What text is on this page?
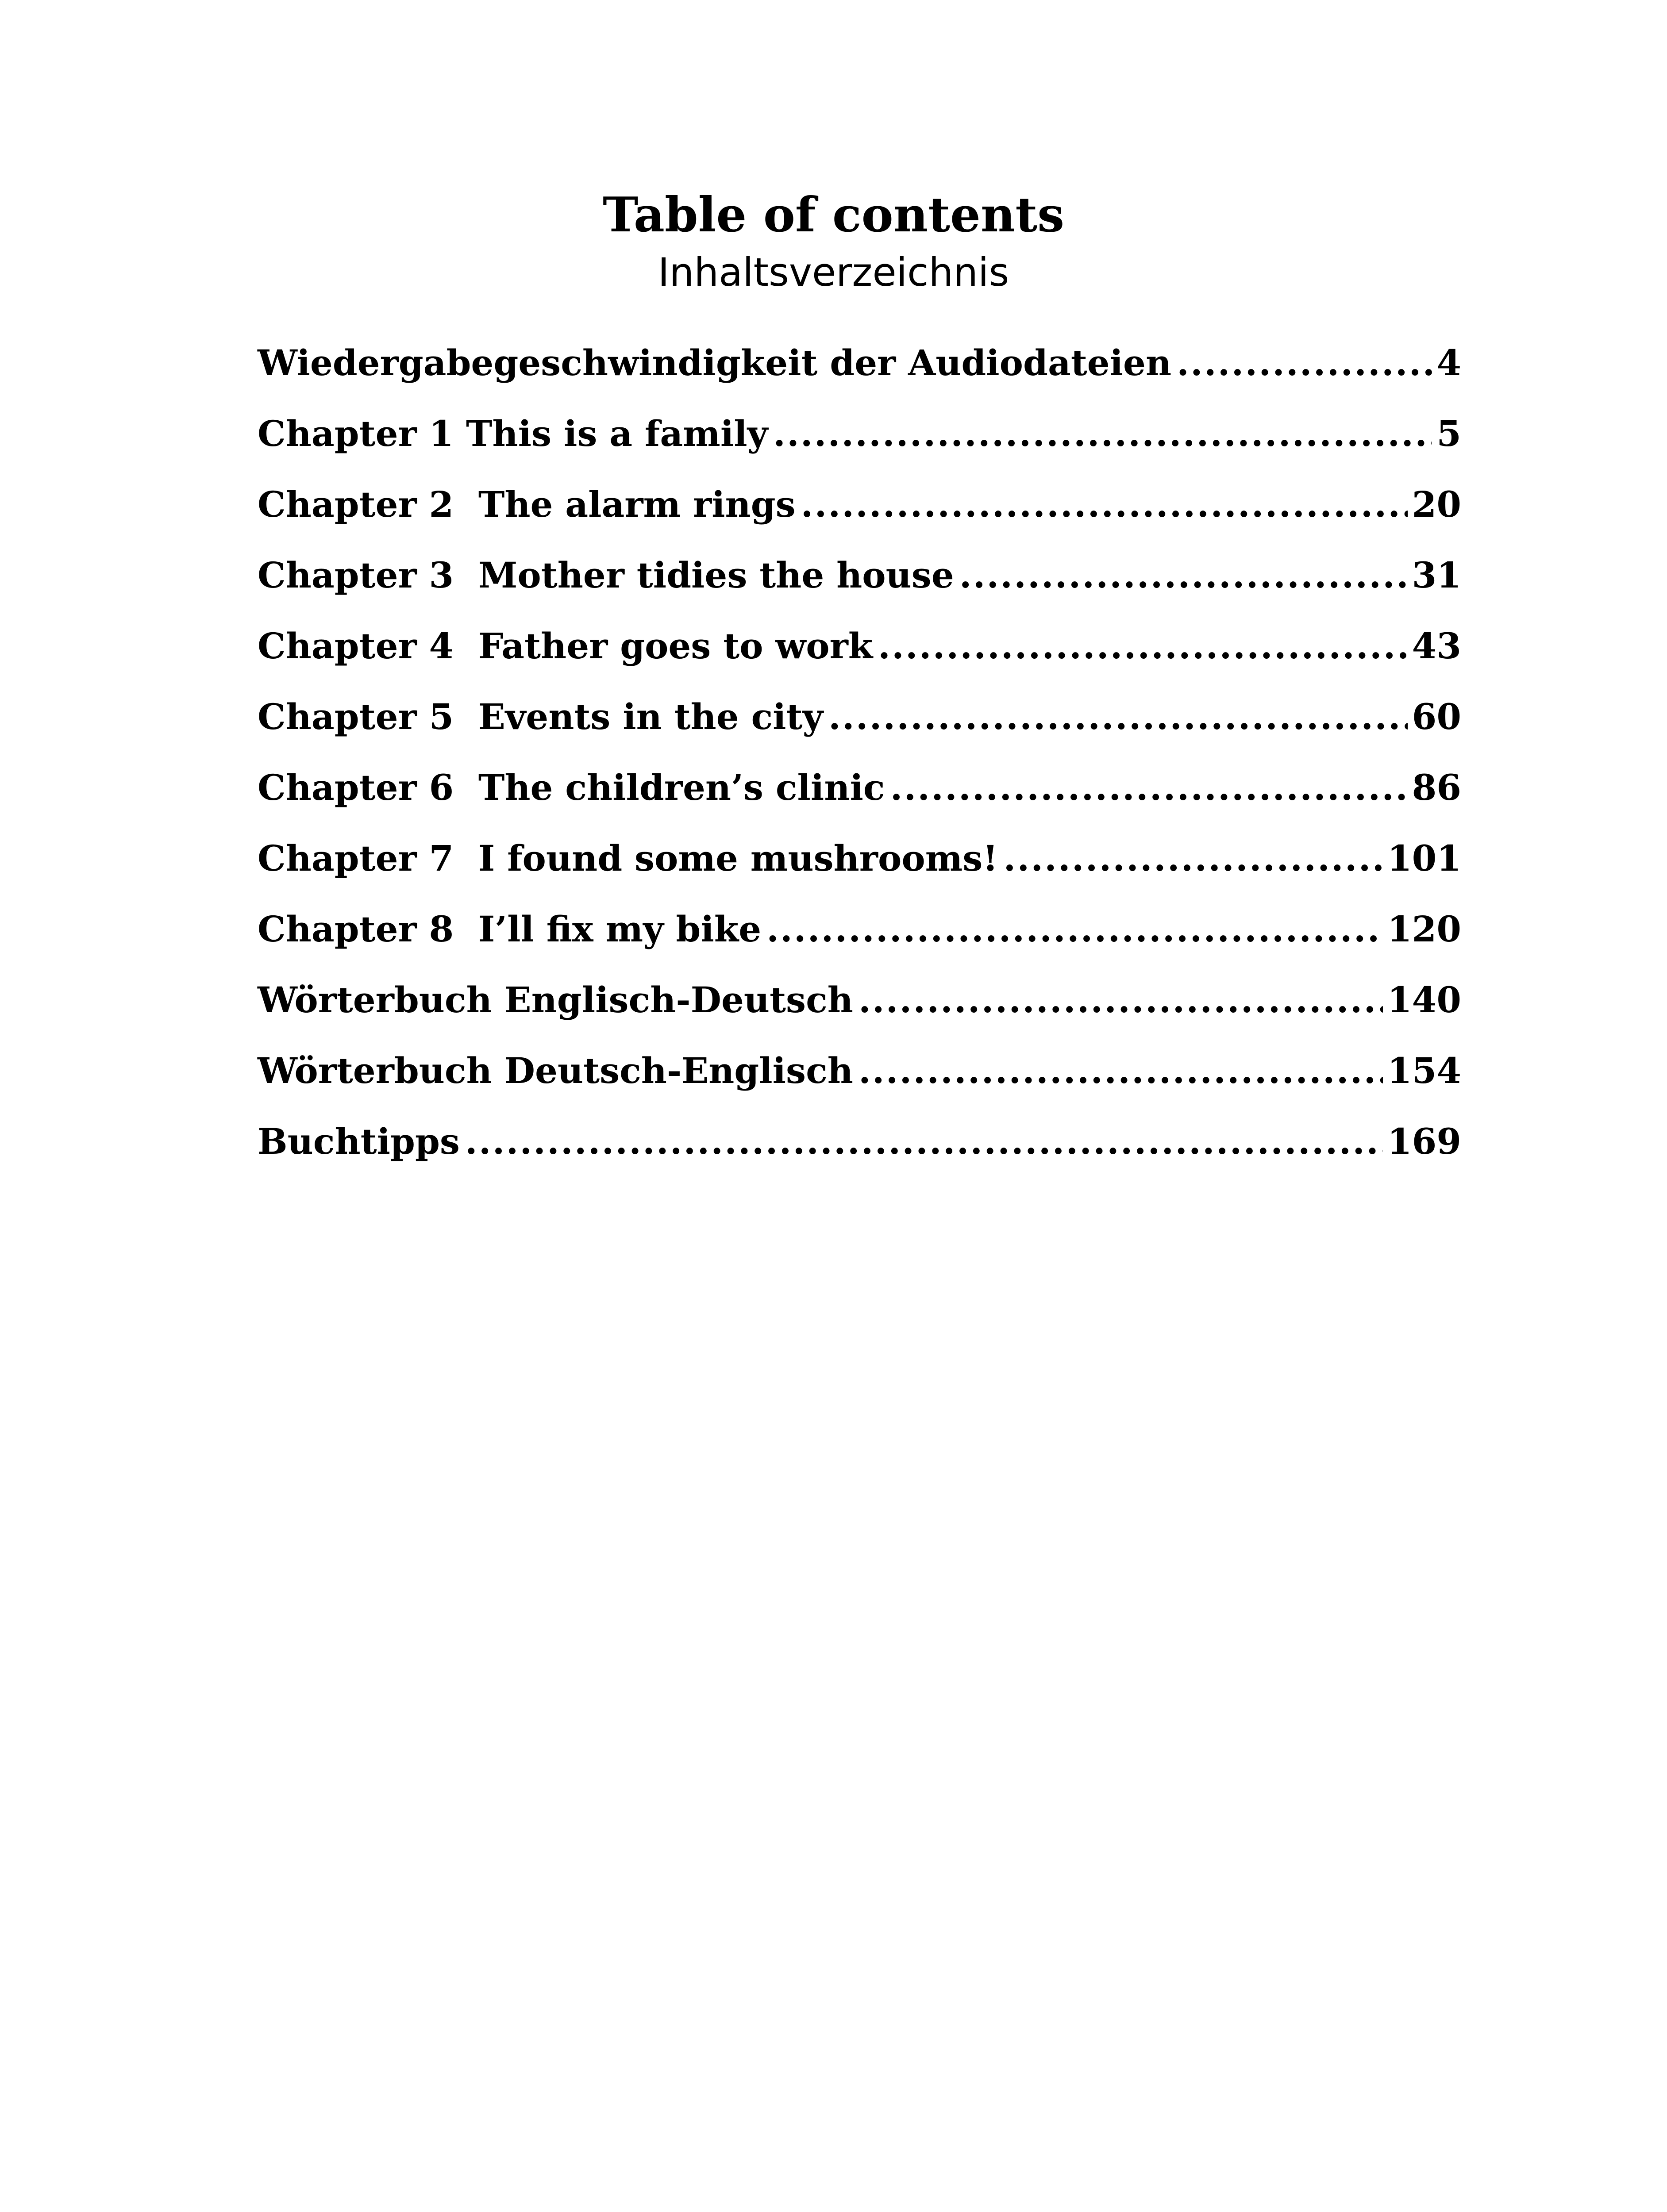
Table of contents
Inhaltsverzeichnis
Wiedergabegeschwindigkeit der Audiodateien .....	4
Chapter 1 This is a family .....	5
Chapter 2  The alarm rings .....	20
Chapter 3  Mother tidies the house .....	31
Chapter 4  Father goes to work .....	43
Chapter 5  Events in the city .....	60
Chapter 6  The children’s clinic .....	86
Chapter 7  I found some mushrooms! .....	101
Chapter 8  I’ll fix my bike .....	120
Wörterbuch Englisch-Deutsch .....	140
Wörterbuch Deutsch-Englisch .....	154
Buchtipps .....	169
